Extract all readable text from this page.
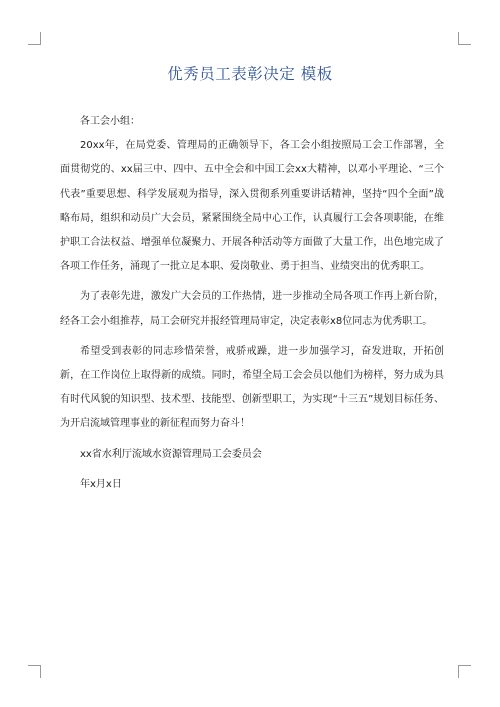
优秀员工表彰决定 模板

各工会小组：

20xx年，在局党委、管理局的正确领导下，各工会小组按照局工会工作部署，全面贯彻党的、xx届三中、四中、五中全会和中国工会xx大精神，以邓小平理论、“三个代表”重要思想、科学发展观为指导，深入贯彻系列重要讲话精神，坚持“四个全面”战略布局，组织和动员广大会员，紧紧围绕全局中心工作，认真履行工会各项职能，在维护职工合法权益、增强单位凝聚力、开展各种活动等方面做了大量工作，出色地完成了各项工作任务，涌现了一批立足本职、爱岗敬业、勇于担当、业绩突出的优秀职工。

为了表彰先进，激发广大会员的工作热情，进一步推动全局各项工作再上新台阶，经各工会小组推荐，局工会研究并报经管理局审定，决定表彰x8位同志为优秀职工。

希望受到表彰的同志珍惜荣誉，戒骄戒躁，进一步加强学习，奋发进取，开拓创新，在工作岗位上取得新的成绩。同时，希望全局工会会员以他们为榜样，努力成为具有时代风貌的知识型、技术型、技能型、创新型职工，为实现“十三五”规划目标任务、为开启流域管理事业的新征程而努力奋斗！

xx省水利厅流域水资源管理局工会委员会

年x月x日
